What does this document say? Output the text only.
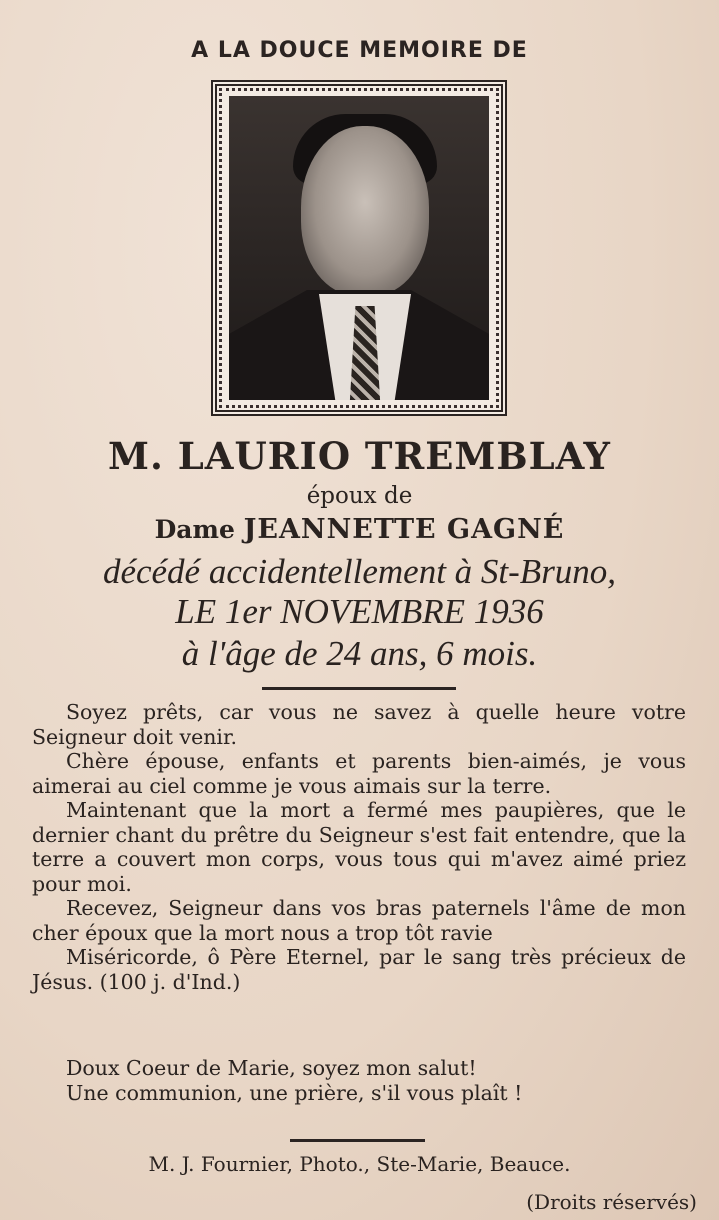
A LA DOUCE MEMOIRE DE
M. LAURIO TREMBLAY
époux de
Dame JEANNETTE GAGNÉ
décédé accidentellement à St-Bruno,
LE 1er NOVEMBRE 1936
à l'âge de 24 ans, 6 mois.

Soyez prêts, car vous ne savez à quelle heure votre Seigneur doit venir.

Chère épouse, enfants et parents bien-aimés, je vous aimerai au ciel comme je vous aimais sur la terre.

Maintenant que la mort a fermé mes paupières, que le dernier chant du prêtre du Seigneur s'est fait entendre, que la terre a couvert mon corps, vous tous qui m'avez aimé priez pour moi.

Recevez, Seigneur dans vos bras paternels l'âme de mon cher époux que la mort nous a trop tôt ravie

Miséricorde, ô Père Eternel, par le sang très précieux de Jésus. (100 j. d'Ind.)

Doux Coeur de Marie, soyez mon salut!
Une communion, une prière, s'il vous plaît !
M. J. Fournier, Photo., Ste-Marie, Beauce.
(Droits réservés)
